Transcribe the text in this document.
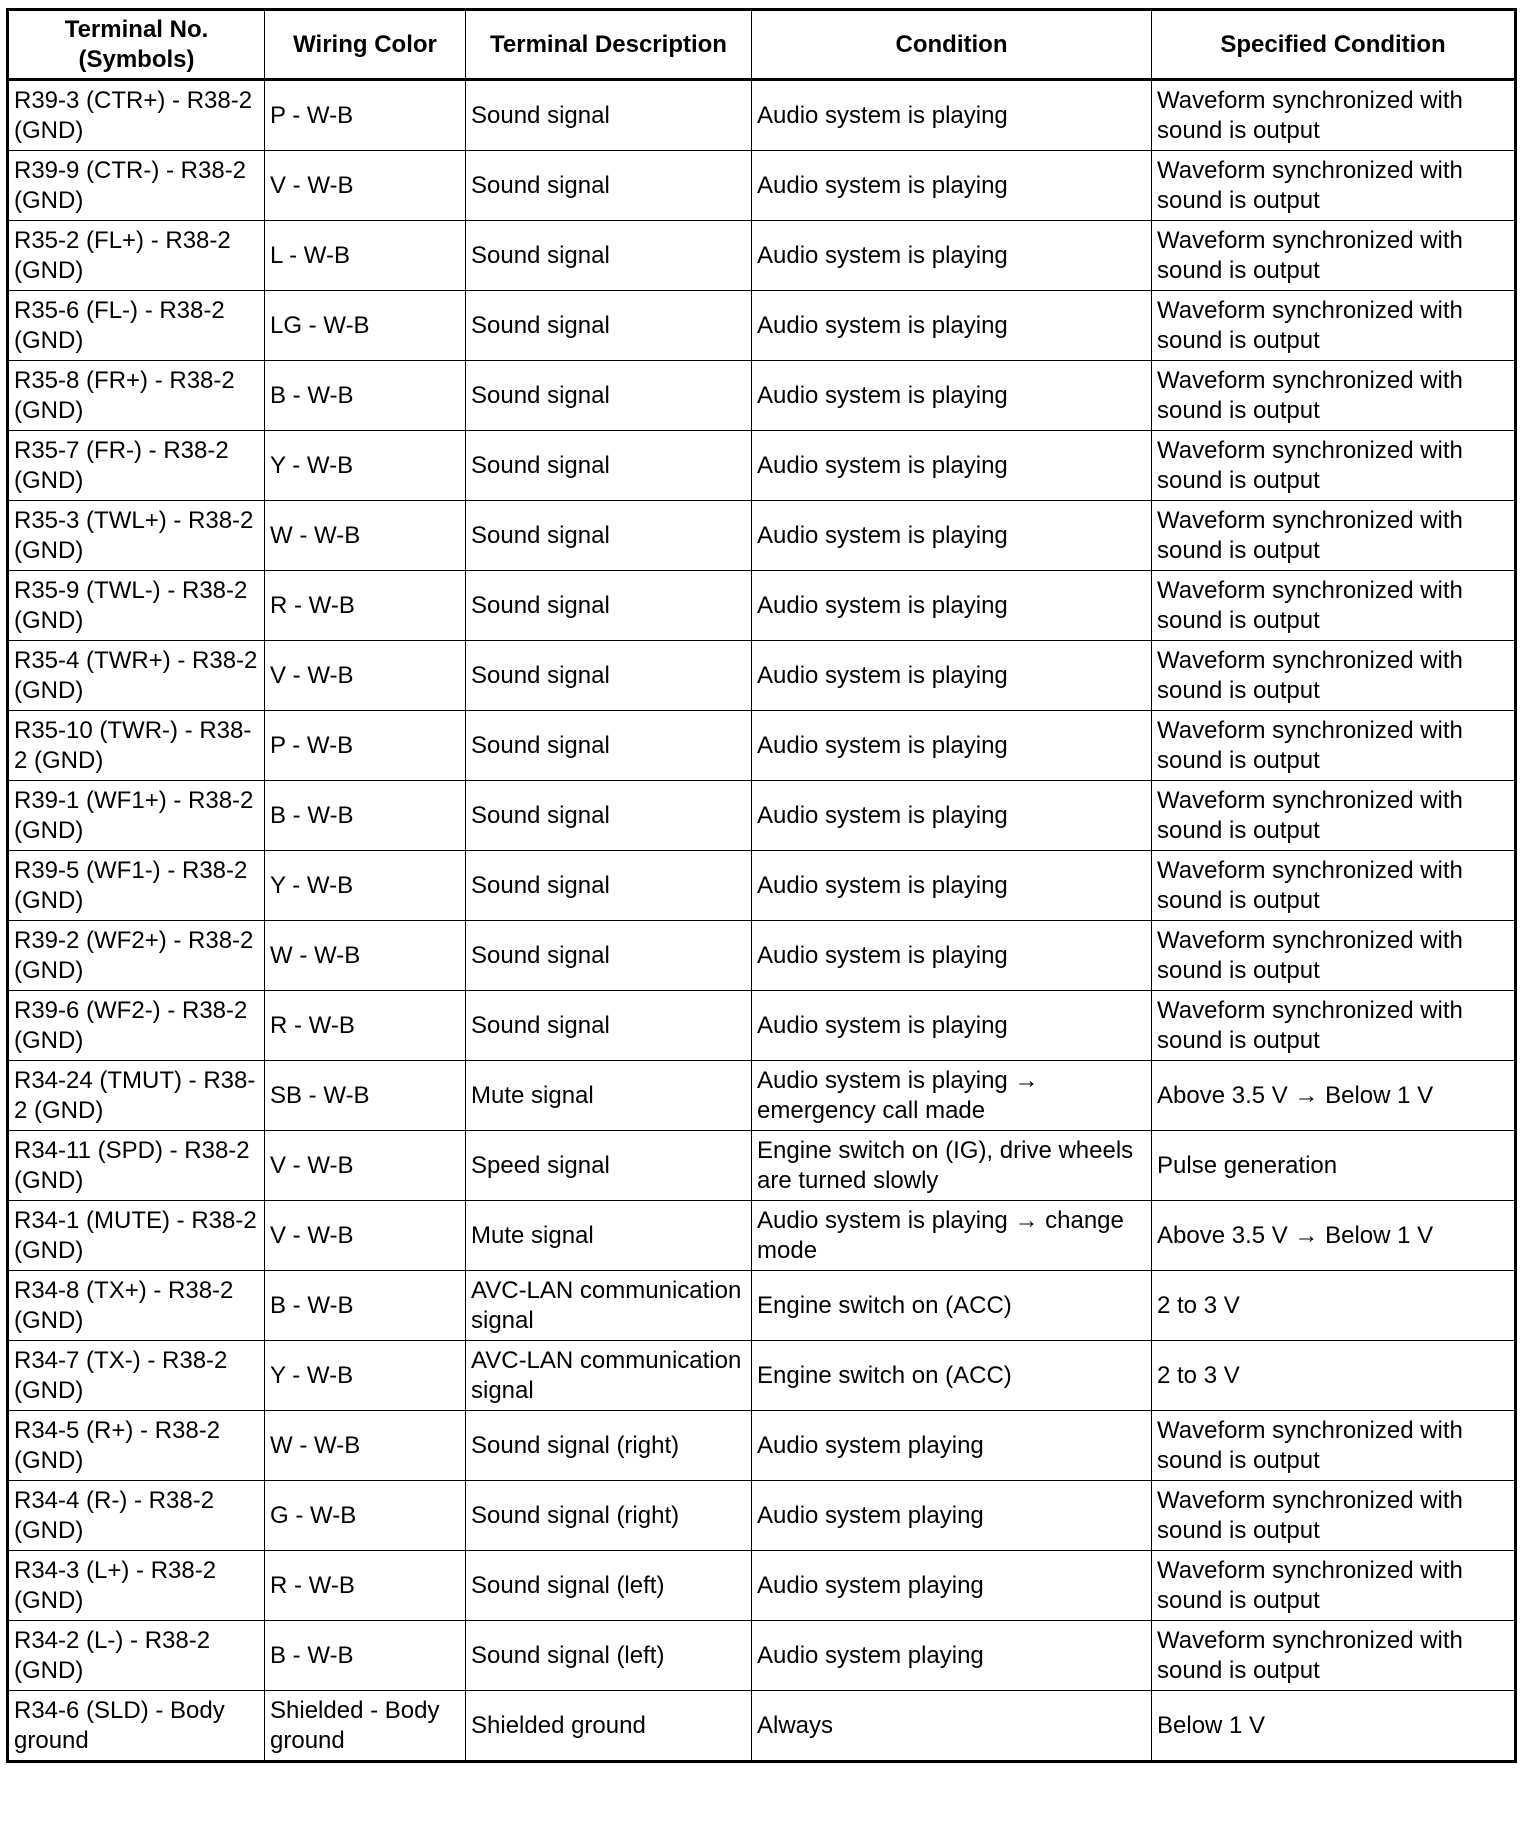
Terminal No.
(Symbols)	Wiring Color	Terminal Description	Condition	Specified Condition
R39-3 (CTR+) - R38-2 (GND)	P - W-B	Sound signal	Audio system is playing	Waveform synchronized with sound is output
R39-9 (CTR-) - R38-2 (GND)	V - W-B	Sound signal	Audio system is playing	Waveform synchronized with sound is output
R35-2 (FL+) - R38-2 (GND)	L - W-B	Sound signal	Audio system is playing	Waveform synchronized with sound is output
R35-6 (FL-) - R38-2 (GND)	LG - W-B	Sound signal	Audio system is playing	Waveform synchronized with sound is output
R35-8 (FR+) - R38-2 (GND)	B - W-B	Sound signal	Audio system is playing	Waveform synchronized with sound is output
R35-7 (FR-) - R38-2 (GND)	Y - W-B	Sound signal	Audio system is playing	Waveform synchronized with sound is output
R35-3 (TWL+) - R38-2 (GND)	W - W-B	Sound signal	Audio system is playing	Waveform synchronized with sound is output
R35-9 (TWL-) - R38-2 (GND)	R - W-B	Sound signal	Audio system is playing	Waveform synchronized with sound is output
R35-4 (TWR+) - R38-2 (GND)	V - W-B	Sound signal	Audio system is playing	Waveform synchronized with sound is output
R35-10 (TWR-) - R38-2 (GND)	P - W-B	Sound signal	Audio system is playing	Waveform synchronized with sound is output
R39-1 (WF1+) - R38-2 (GND)	B - W-B	Sound signal	Audio system is playing	Waveform synchronized with sound is output
R39-5 (WF1-) - R38-2 (GND)	Y - W-B	Sound signal	Audio system is playing	Waveform synchronized with sound is output
R39-2 (WF2+) - R38-2 (GND)	W - W-B	Sound signal	Audio system is playing	Waveform synchronized with sound is output
R39-6 (WF2-) - R38-2 (GND)	R - W-B	Sound signal	Audio system is playing	Waveform synchronized with sound is output
R34-24 (TMUT) - R38-2 (GND)	SB - W-B	Mute signal	Audio system is playing → emergency call made	Above 3.5 V → Below 1 V
R34-11 (SPD) - R38-2 (GND)	V - W-B	Speed signal	Engine switch on (IG), drive wheels are turned slowly	Pulse generation
R34-1 (MUTE) - R38-2 (GND)	V - W-B	Mute signal	Audio system is playing → change mode	Above 3.5 V → Below 1 V
R34-8 (TX+) - R38-2 (GND)	B - W-B	AVC-LAN communication signal	Engine switch on (ACC)	2 to 3 V
R34-7 (TX-) - R38-2 (GND)	Y - W-B	AVC-LAN communication signal	Engine switch on (ACC)	2 to 3 V
R34-5 (R+) - R38-2 (GND)	W - W-B	Sound signal (right)	Audio system playing	Waveform synchronized with sound is output
R34-4 (R-) - R38-2 (GND)	G - W-B	Sound signal (right)	Audio system playing	Waveform synchronized with sound is output
R34-3 (L+) - R38-2 (GND)	R - W-B	Sound signal (left)	Audio system playing	Waveform synchronized with sound is output
R34-2 (L-) - R38-2 (GND)	B - W-B	Sound signal (left)	Audio system playing	Waveform synchronized with sound is output
R34-6 (SLD) - Body ground	Shielded - Body ground	Shielded ground	Always	Below 1 V
